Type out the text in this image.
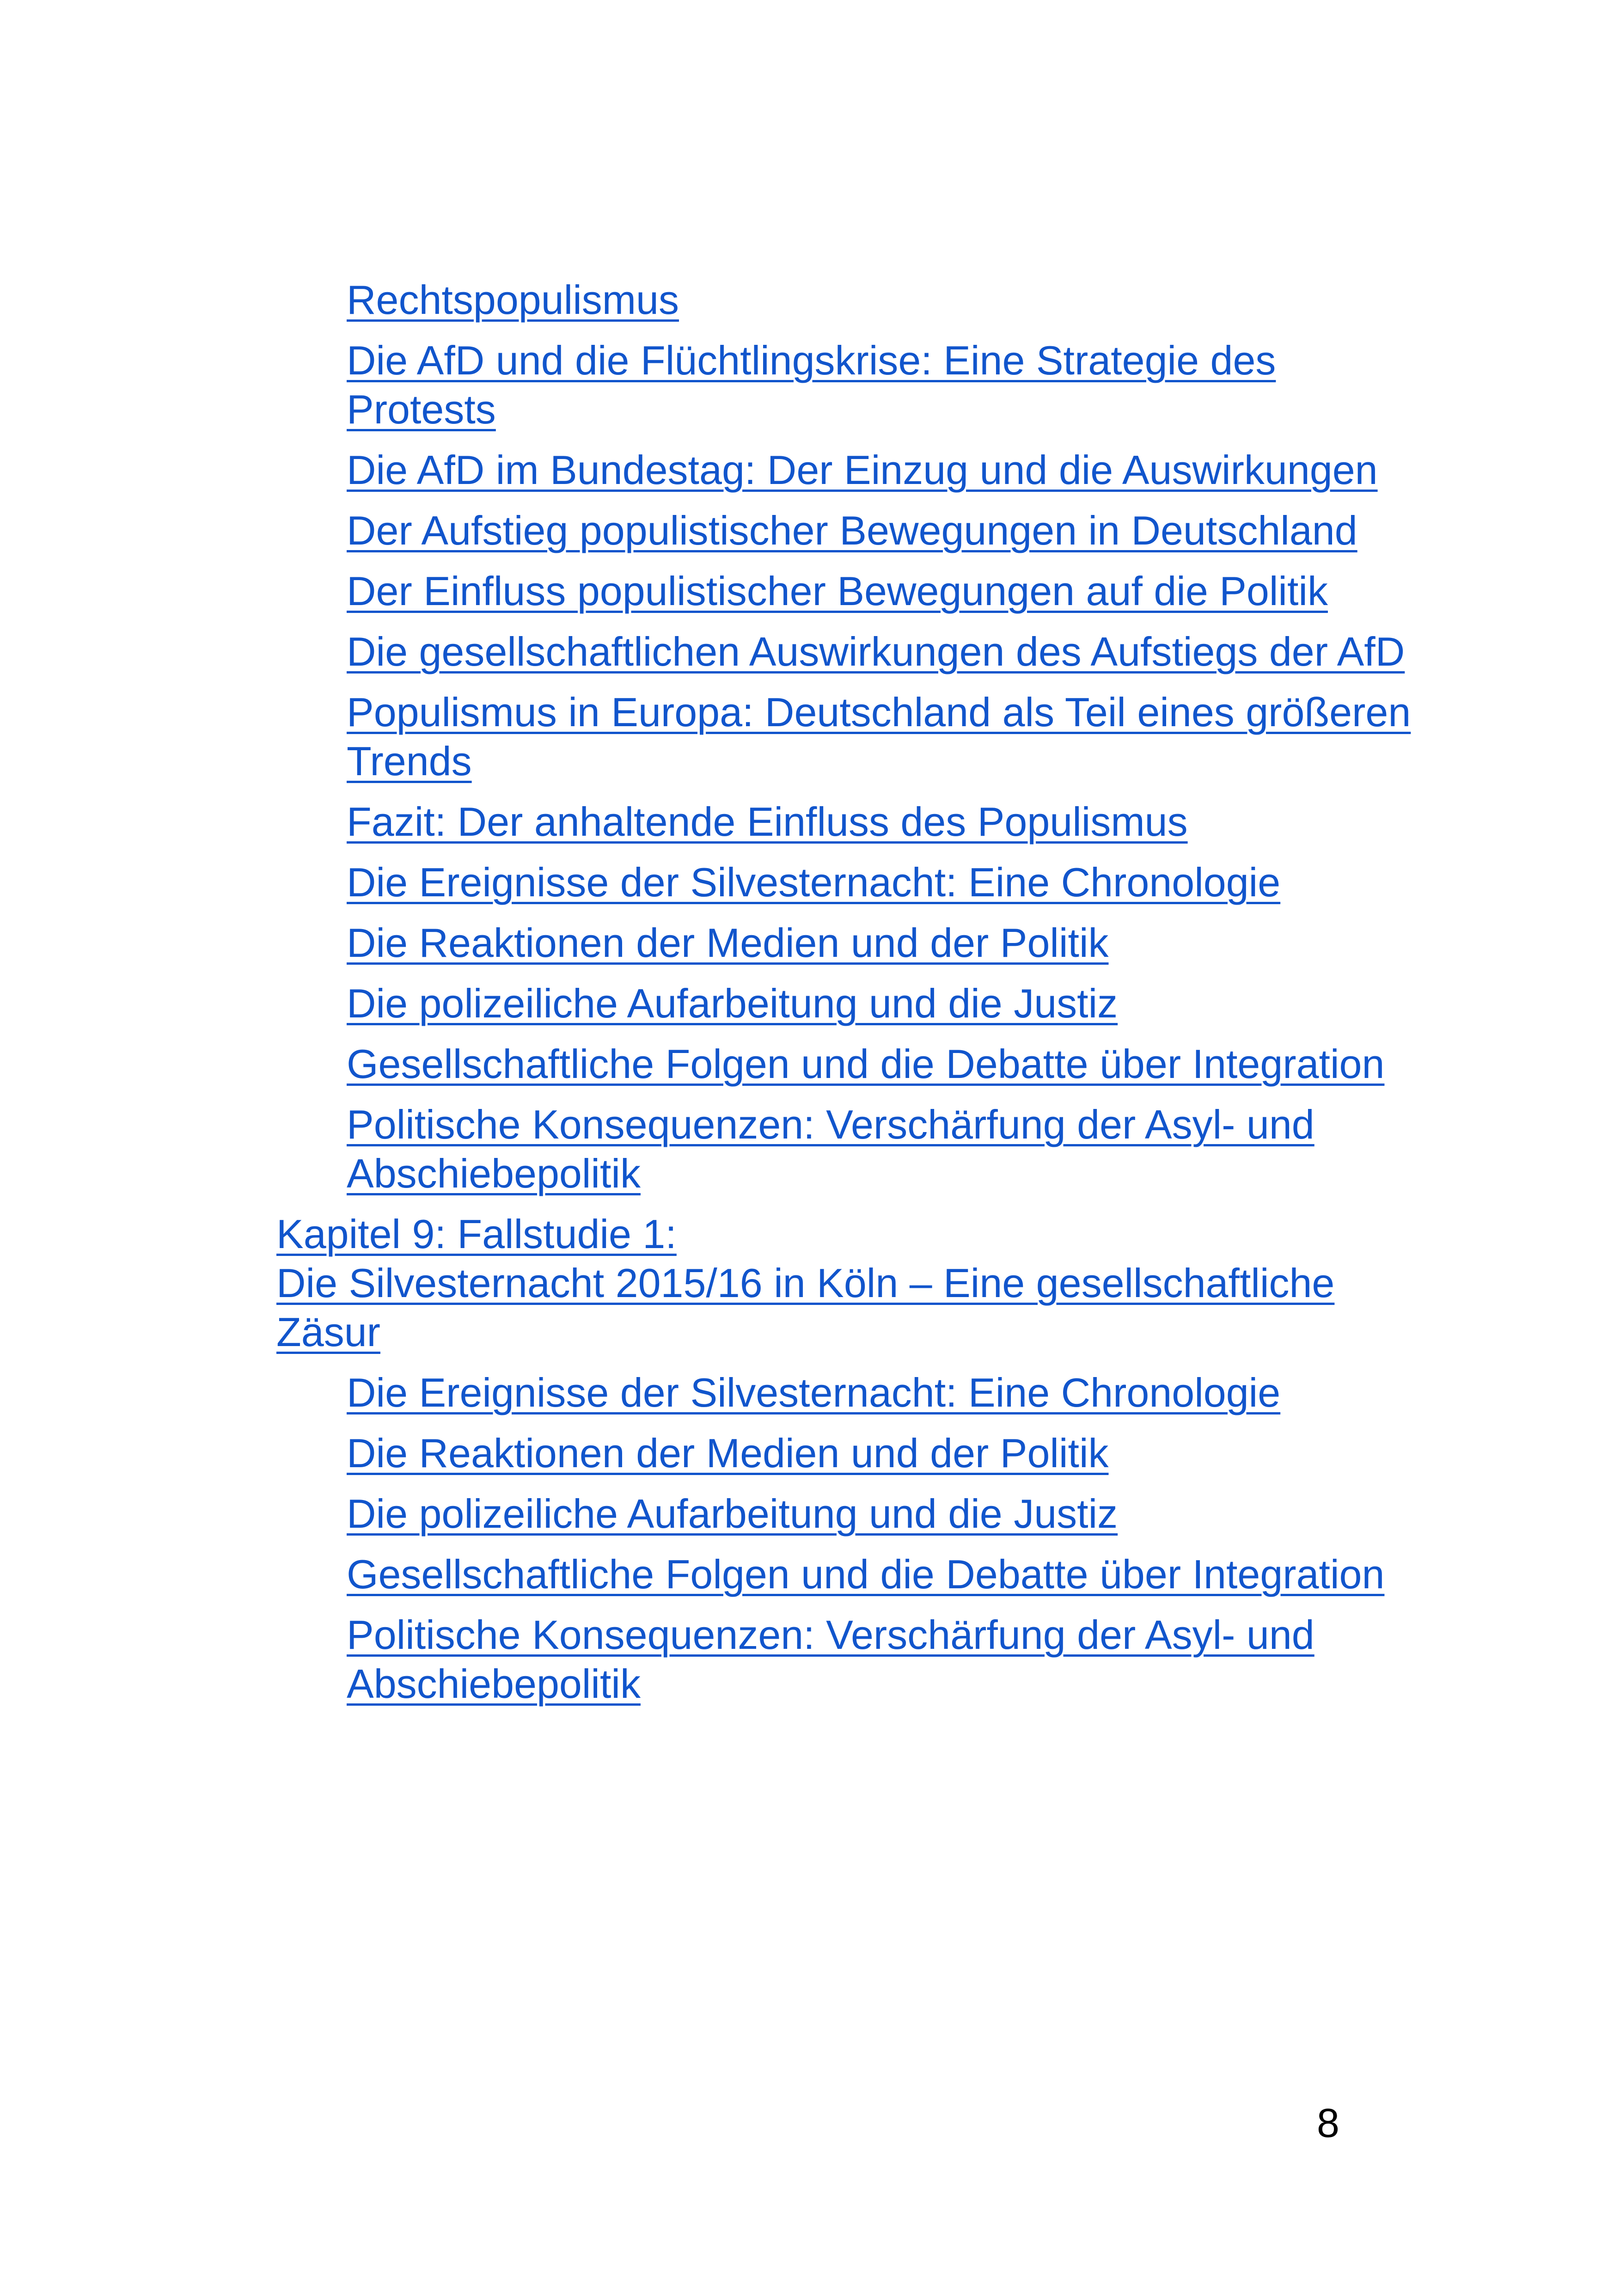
Rechtspopulismus
Die AfD und die Flüchtlingskrise: Eine Strategie des Protests
Die AfD im Bundestag: Der Einzug und die Auswirkungen
Der Aufstieg populistischer Bewegungen in Deutschland
Der Einfluss populistischer Bewegungen auf die Politik
Die gesellschaftlichen Auswirkungen des Aufstiegs der AfD
Populismus in Europa: Deutschland als Teil eines größeren Trends
Fazit: Der anhaltende Einfluss des Populismus
Die Ereignisse der Silvesternacht: Eine Chronologie
Die Reaktionen der Medien und der Politik
Die polizeiliche Aufarbeitung und die Justiz
Gesellschaftliche Folgen und die Debatte über Integration
Politische Konsequenzen: Verschärfung der Asyl- und Abschiebepolitik
Kapitel 9: Fallstudie 1:
Die Silvesternacht 2015/16 in Köln – Eine gesellschaftliche Zäsur
Die Ereignisse der Silvesternacht: Eine Chronologie
Die Reaktionen der Medien und der Politik
Die polizeiliche Aufarbeitung und die Justiz
Gesellschaftliche Folgen und die Debatte über Integration
Politische Konsequenzen: Verschärfung der Asyl- und Abschiebepolitik
8
